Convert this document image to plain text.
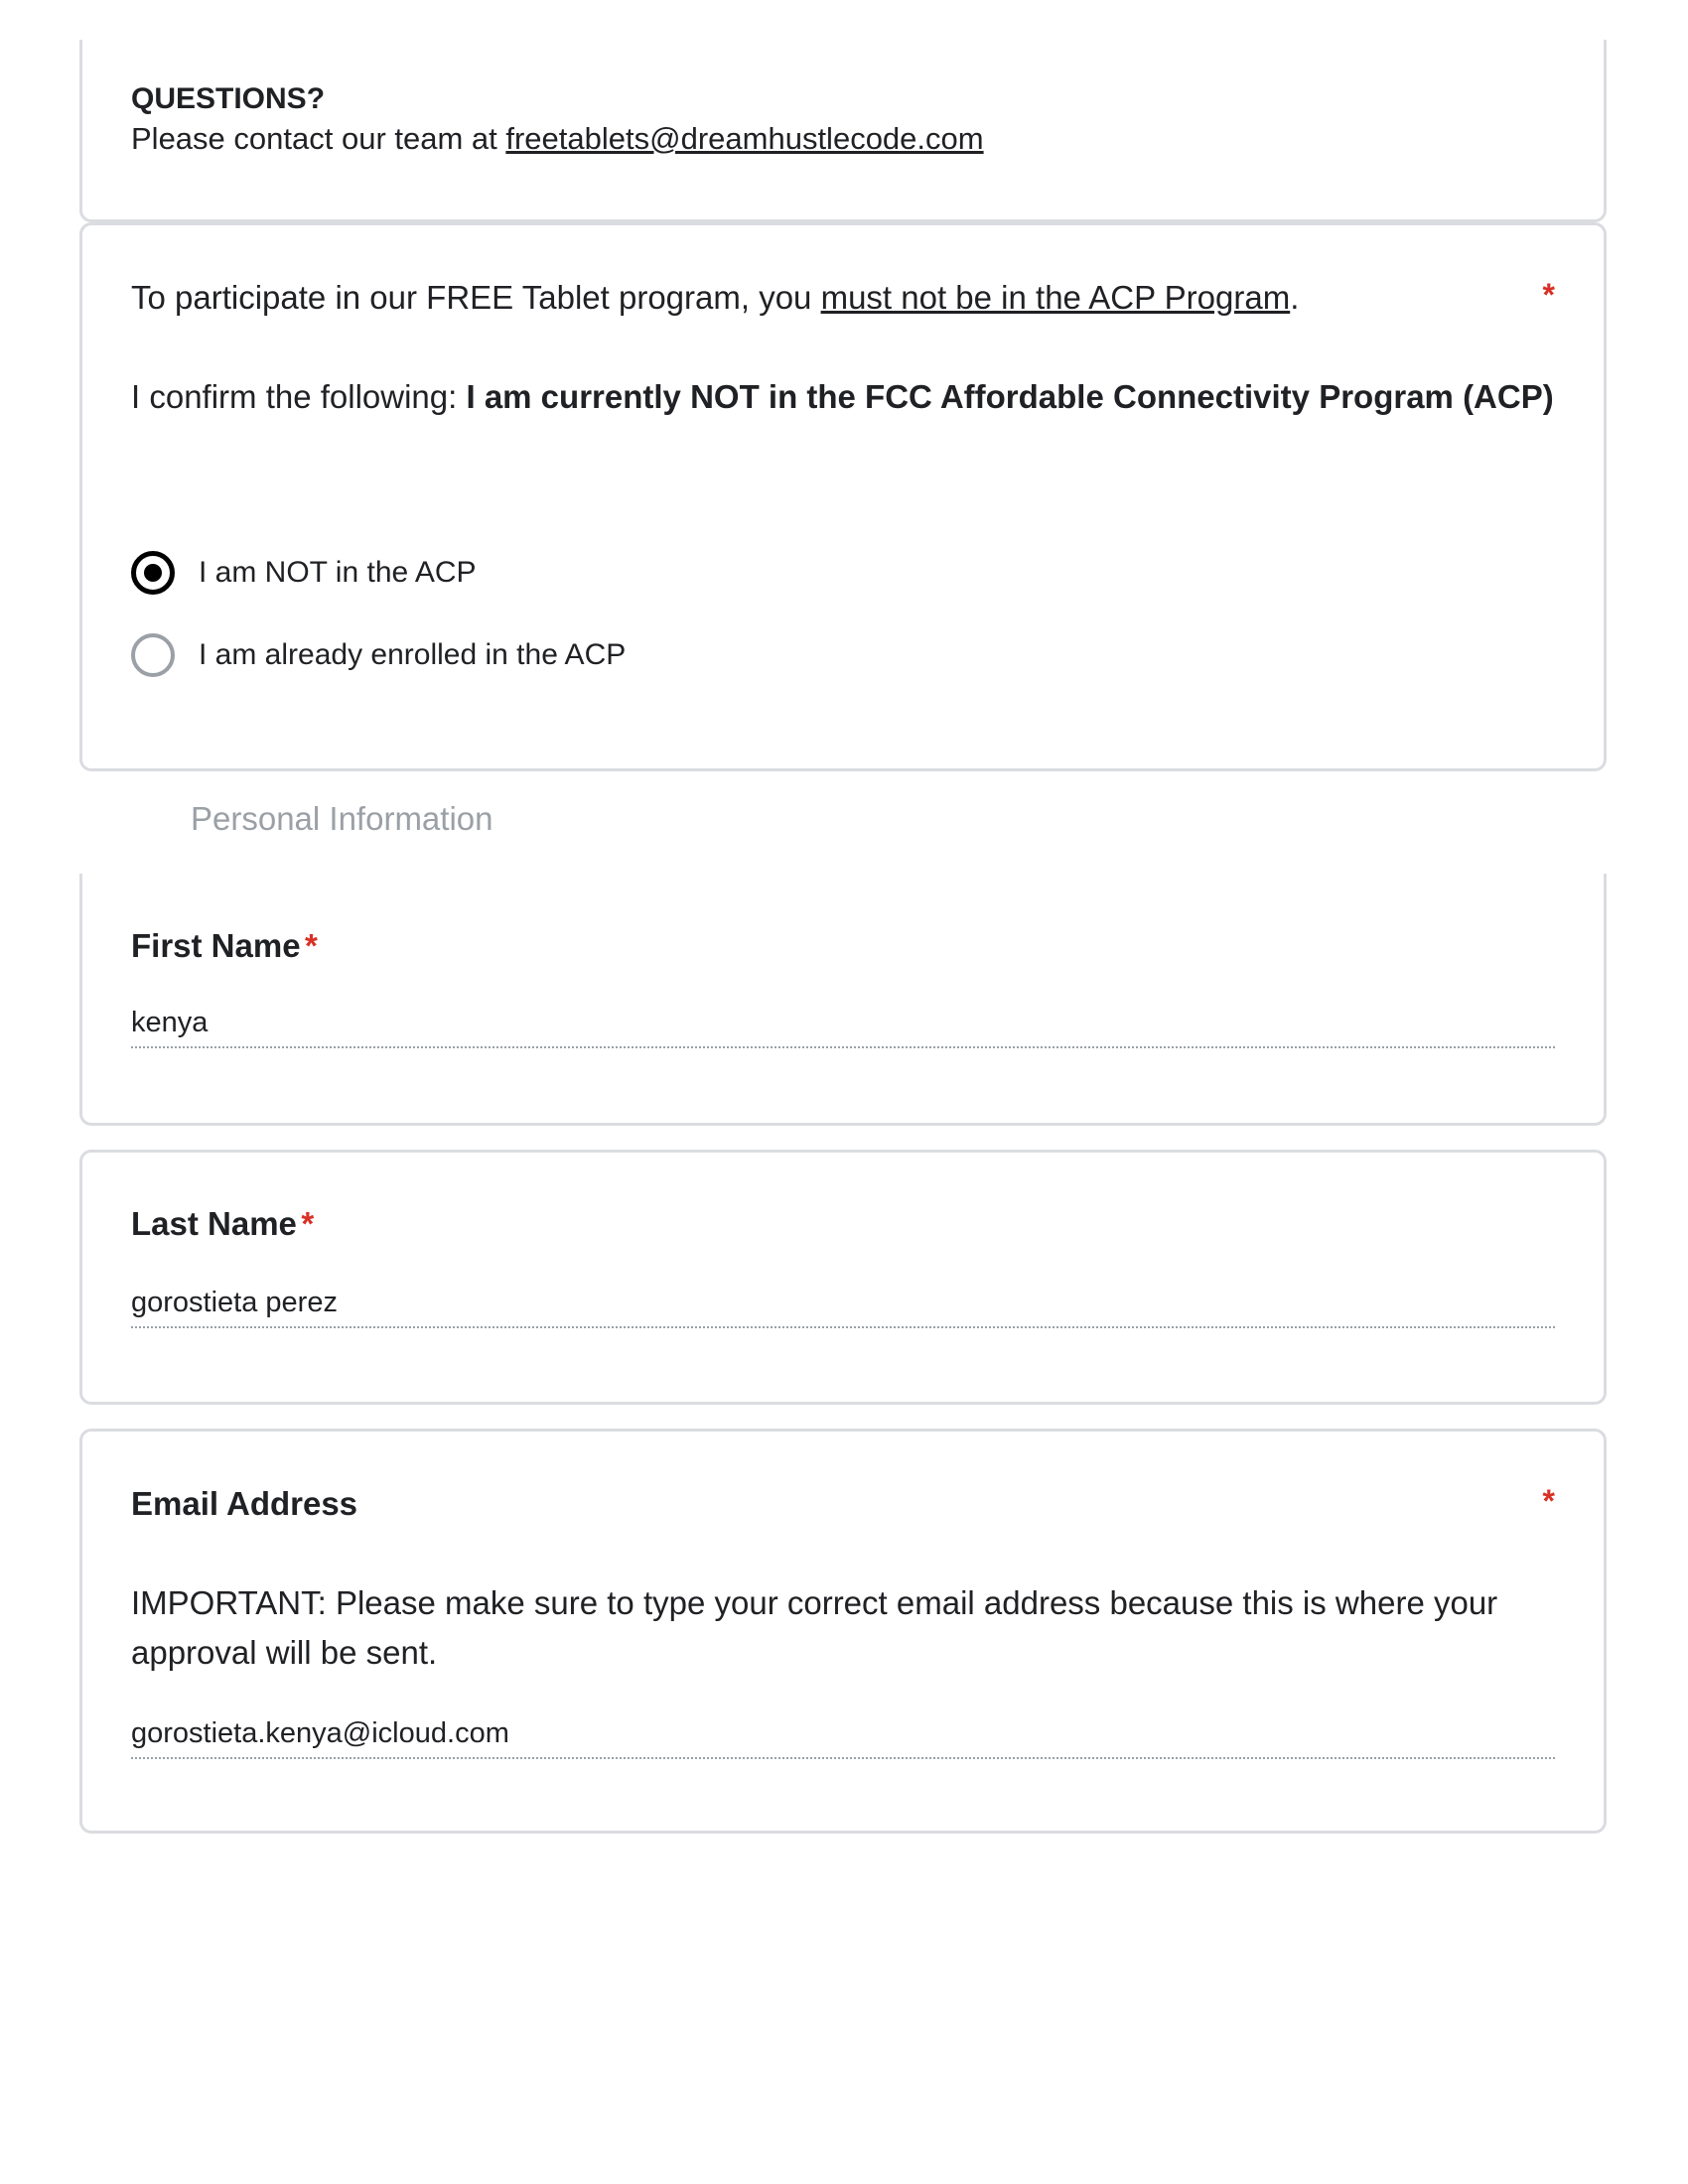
QUESTIONS?
Please contact our team at freetablets@dreamhustlecode.com
To participate in our FREE Tablet program, you must not be in the ACP Program.	*
I confirm the following: I am currently NOT in the FCC Affordable Connectivity Program (ACP)
I am NOT in the ACP
I am already enrolled in the ACP
Personal Information
First Name *
kenya
Last Name *
gorostieta perez
Email Address	*
IMPORTANT: Please make sure to type your correct email address because this is where your approval will be sent.
gorostieta.kenya@icloud.com
